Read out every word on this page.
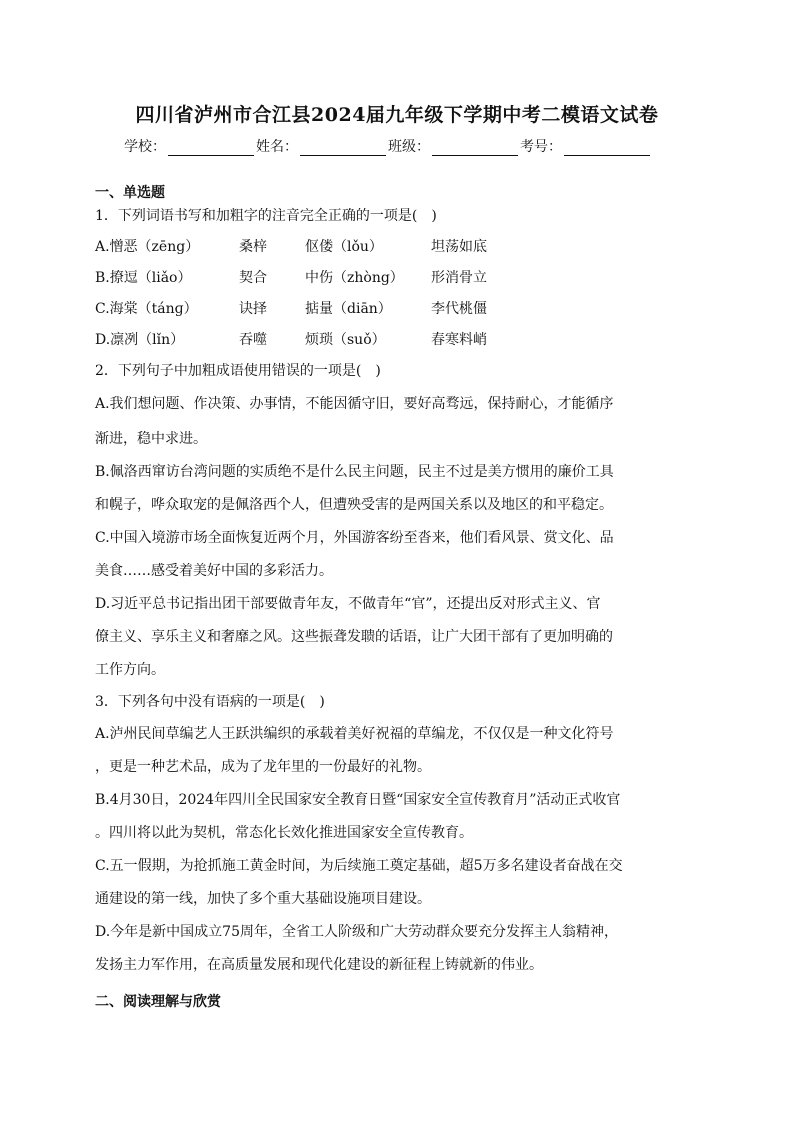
四川省泸州市合江县2024届九年级下学期中考二模语文试卷
学校：	姓名：	班级：	考号：
一、单选题
1．下列词语书写和加粗字的注音完全正确的一项是(　)
A.憎恶（zēng）	桑梓	伛偻（lǒu）	坦荡如底
B.撩逗（liǎo）	契合	中伤（zhòng） 形消骨立
C.海棠（tánɡ）	诀择	掂量（diān）	李代桃僵
D.凛冽（lǐn）	吞噬	烦琐（suǒ）	春寒料峭
2．下列句子中加粗成语使用错误的一项是(　)
A.我们想问题、作决策、办事情，不能因循守旧，要好高骛远，保持耐心，才能循序
渐进，稳中求进。
B.佩洛西窜访台湾问题的实质绝不是什么民主问题，民主不过是美方惯用的廉价工具
和幌子，哗众取宠的是佩洛西个人，但遭殃受害的是两国关系以及地区的和平稳定。
C.中国入境游市场全面恢复近两个月，外国游客纷至沓来，他们看风景、赏文化、品
美食……感受着美好中国的多彩活力。
D.习近平总书记指出团干部要做青年友，不做青年“官”，还提出反对形式主义、官
僚主义、享乐主义和奢靡之风。这些振聋发聩的话语，让广大团干部有了更加明确的
工作方向。
3．下列各句中没有语病的一项是(　)
A.泸州民间草编艺人王跃洪编织的承载着美好祝福的草编龙，不仅仅是一种文化符号
，更是一种艺术品，成为了龙年里的一份最好的礼物。
B.4月30日，2024年四川全民国家安全教育日暨“国家安全宣传教育月”活动正式收官
。四川将以此为契机，常态化长效化推进国家安全宣传教育。
C.五一假期，为抢抓施工黄金时间，为后续施工奠定基础，超5万多名建设者奋战在交
通建设的第一线，加快了多个重大基础设施项目建设。
D.今年是新中国成立75周年，全省工人阶级和广大劳动群众要充分发挥主人翁精神，
发扬主力军作用，在高质量发展和现代化建设的新征程上铸就新的伟业。
二、阅读理解与欣赏
